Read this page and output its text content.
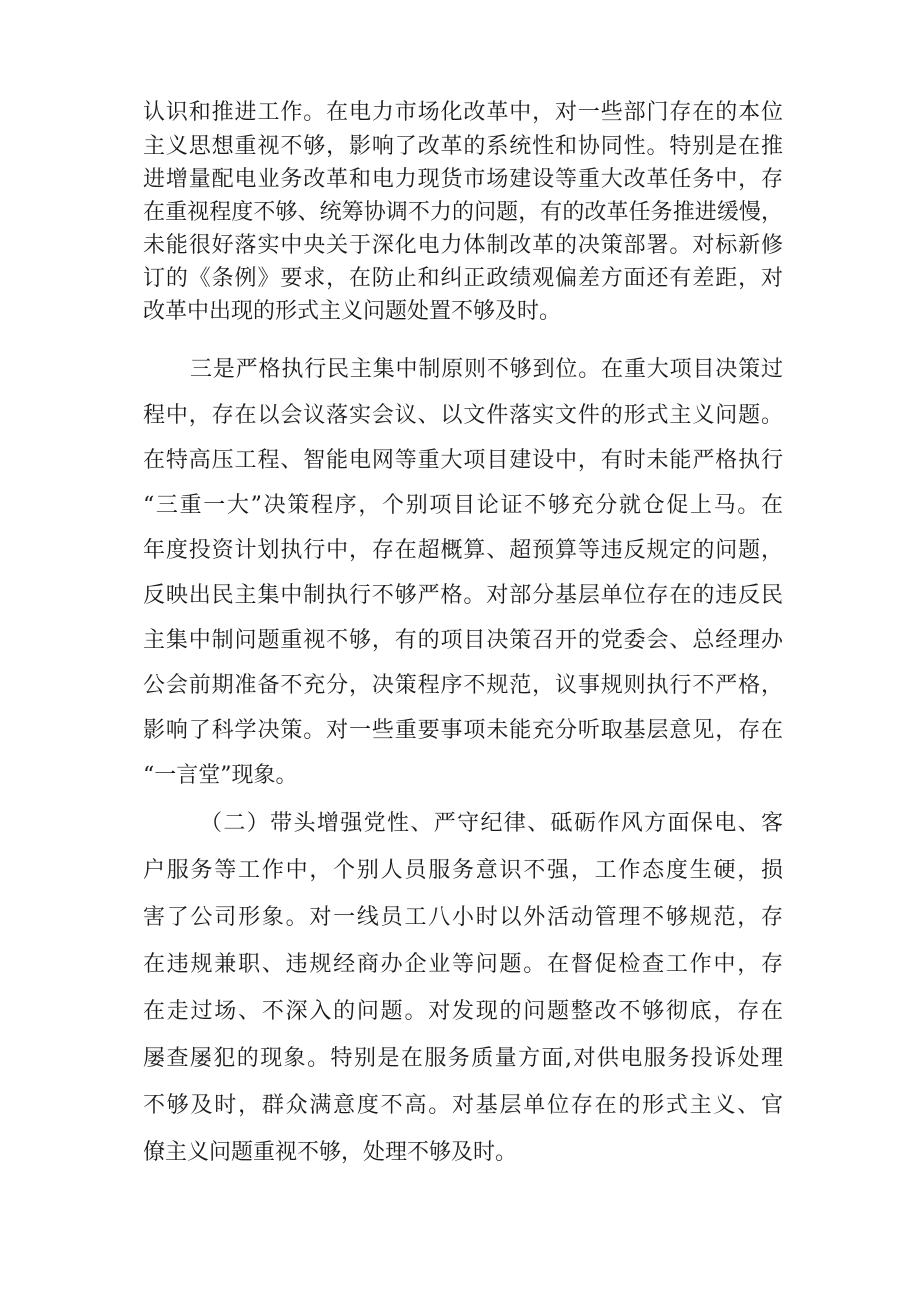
认识和推进工作。在电力市场化改革中，对一些部门存在的本位

主义思想重视不够，影响了改革的系统性和协同性。特别是在推

进增量配电业务改革和电力现货市场建设等重大改革任务中，存

在重视程度不够、统筹协调不力的问题，有的改革任务推进缓慢，

未能很好落实中央关于深化电力体制改革的决策部署。对标新修

订的《条例》要求，在防止和纠正政绩观偏差方面还有差距，对

改革中出现的形式主义问题处置不够及时。

三是严格执行民主集中制原则不够到位。在重大项目决策过

程中，存在以会议落实会议、以文件落实文件的形式主义问题。

在特高压工程、智能电网等重大项目建设中，有时未能严格执行

“三重一大”决策程序，个别项目论证不够充分就仓促上马。在

年度投资计划执行中，存在超概算、超预算等违反规定的问题，

反映出民主集中制执行不够严格。对部分基层单位存在的违反民

主集中制问题重视不够，有的项目决策召开的党委会、总经理办

公会前期准备不充分，决策程序不规范，议事规则执行不严格，

影响了科学决策。对一些重要事项未能充分听取基层意见，存在

“一言堂”现象。

（二）带头增强党性、严守纪律、砥砺作风方面保电、客

户服务等工作中，个别人员服务意识不强，工作态度生硬，损

害了公司形象。对一线员工八小时以外活动管理不够规范，存

在违规兼职、违规经商办企业等问题。在督促检查工作中，存

在走过场、不深入的问题。对发现的问题整改不够彻底，存在

屡查屡犯的现象。特别是在服务质量方面,对供电服务投诉处理

不够及时，群众满意度不高。对基层单位存在的形式主义、官

僚主义问题重视不够，处理不够及时。
